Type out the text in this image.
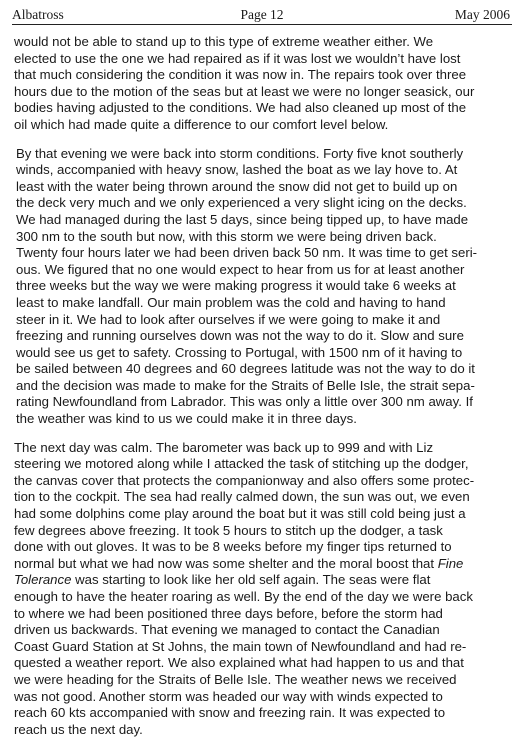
Albatross	Page 12	May 2006

would not be able to stand up to this type of extreme weather either. We
elected to use the one we had repaired as if it was lost we wouldn’t have lost
that much considering the condition it was now in. The repairs took over three
hours due to the motion of the seas but at least we were no longer seasick, our
bodies having adjusted to the conditions. We had also cleaned up most of the
oil which had made quite a difference to our comfort level below.

By that evening we were back into storm conditions. Forty five knot southerly
winds, accompanied with heavy snow, lashed the boat as we lay hove to. At
least with the water being thrown around the snow did not get to build up on
the deck very much and we only experienced a very slight icing on the decks.
We had managed during the last 5 days, since being tipped up, to have made
300 nm to the south but now, with this storm we were being driven back.
Twenty four hours later we had been driven back 50 nm. It was time to get seri-
ous. We figured that no one would expect to hear from us for at least another
three weeks but the way we were making progress it would take 6 weeks at
least to make landfall. Our main problem was the cold and having to hand
steer in it. We had to look after ourselves if we were going to make it and
freezing and running ourselves down was not the way to do it. Slow and sure
would see us get to safety. Crossing to Portugal, with 1500 nm of it having to
be sailed between 40 degrees and 60 degrees latitude was not the way to do it
and the decision was made to make for the Straits of Belle Isle, the strait sepa-
rating Newfoundland from Labrador. This was only a little over 300 nm away. If
the weather was kind to us we could make it in three days.

The next day was calm. The barometer was back up to 999 and with Liz
steering we motored along while I attacked the task of stitching up the dodger,
the canvas cover that protects the companionway and also offers some protec-
tion to the cockpit. The sea had really calmed down, the sun was out, we even
had some dolphins come play around the boat but it was still cold being just a
few degrees above freezing. It took 5 hours to stitch up the dodger, a task
done with out gloves. It was to be 8 weeks before my finger tips returned to
normal but what we had now was some shelter and the moral boost that Fine
Tolerance was starting to look like her old self again. The seas were flat
enough to have the heater roaring as well. By the end of the day we were back
to where we had been positioned three days before, before the storm had
driven us backwards. That evening we managed to contact the Canadian
Coast Guard Station at St Johns, the main town of Newfoundland and had re-
quested a weather report. We also explained what had happen to us and that
we were heading for the Straits of Belle Isle. The weather news we received
was not good. Another storm was headed our way with winds expected to
reach 60 kts accompanied with snow and freezing rain. It was expected to
reach us the next day.
